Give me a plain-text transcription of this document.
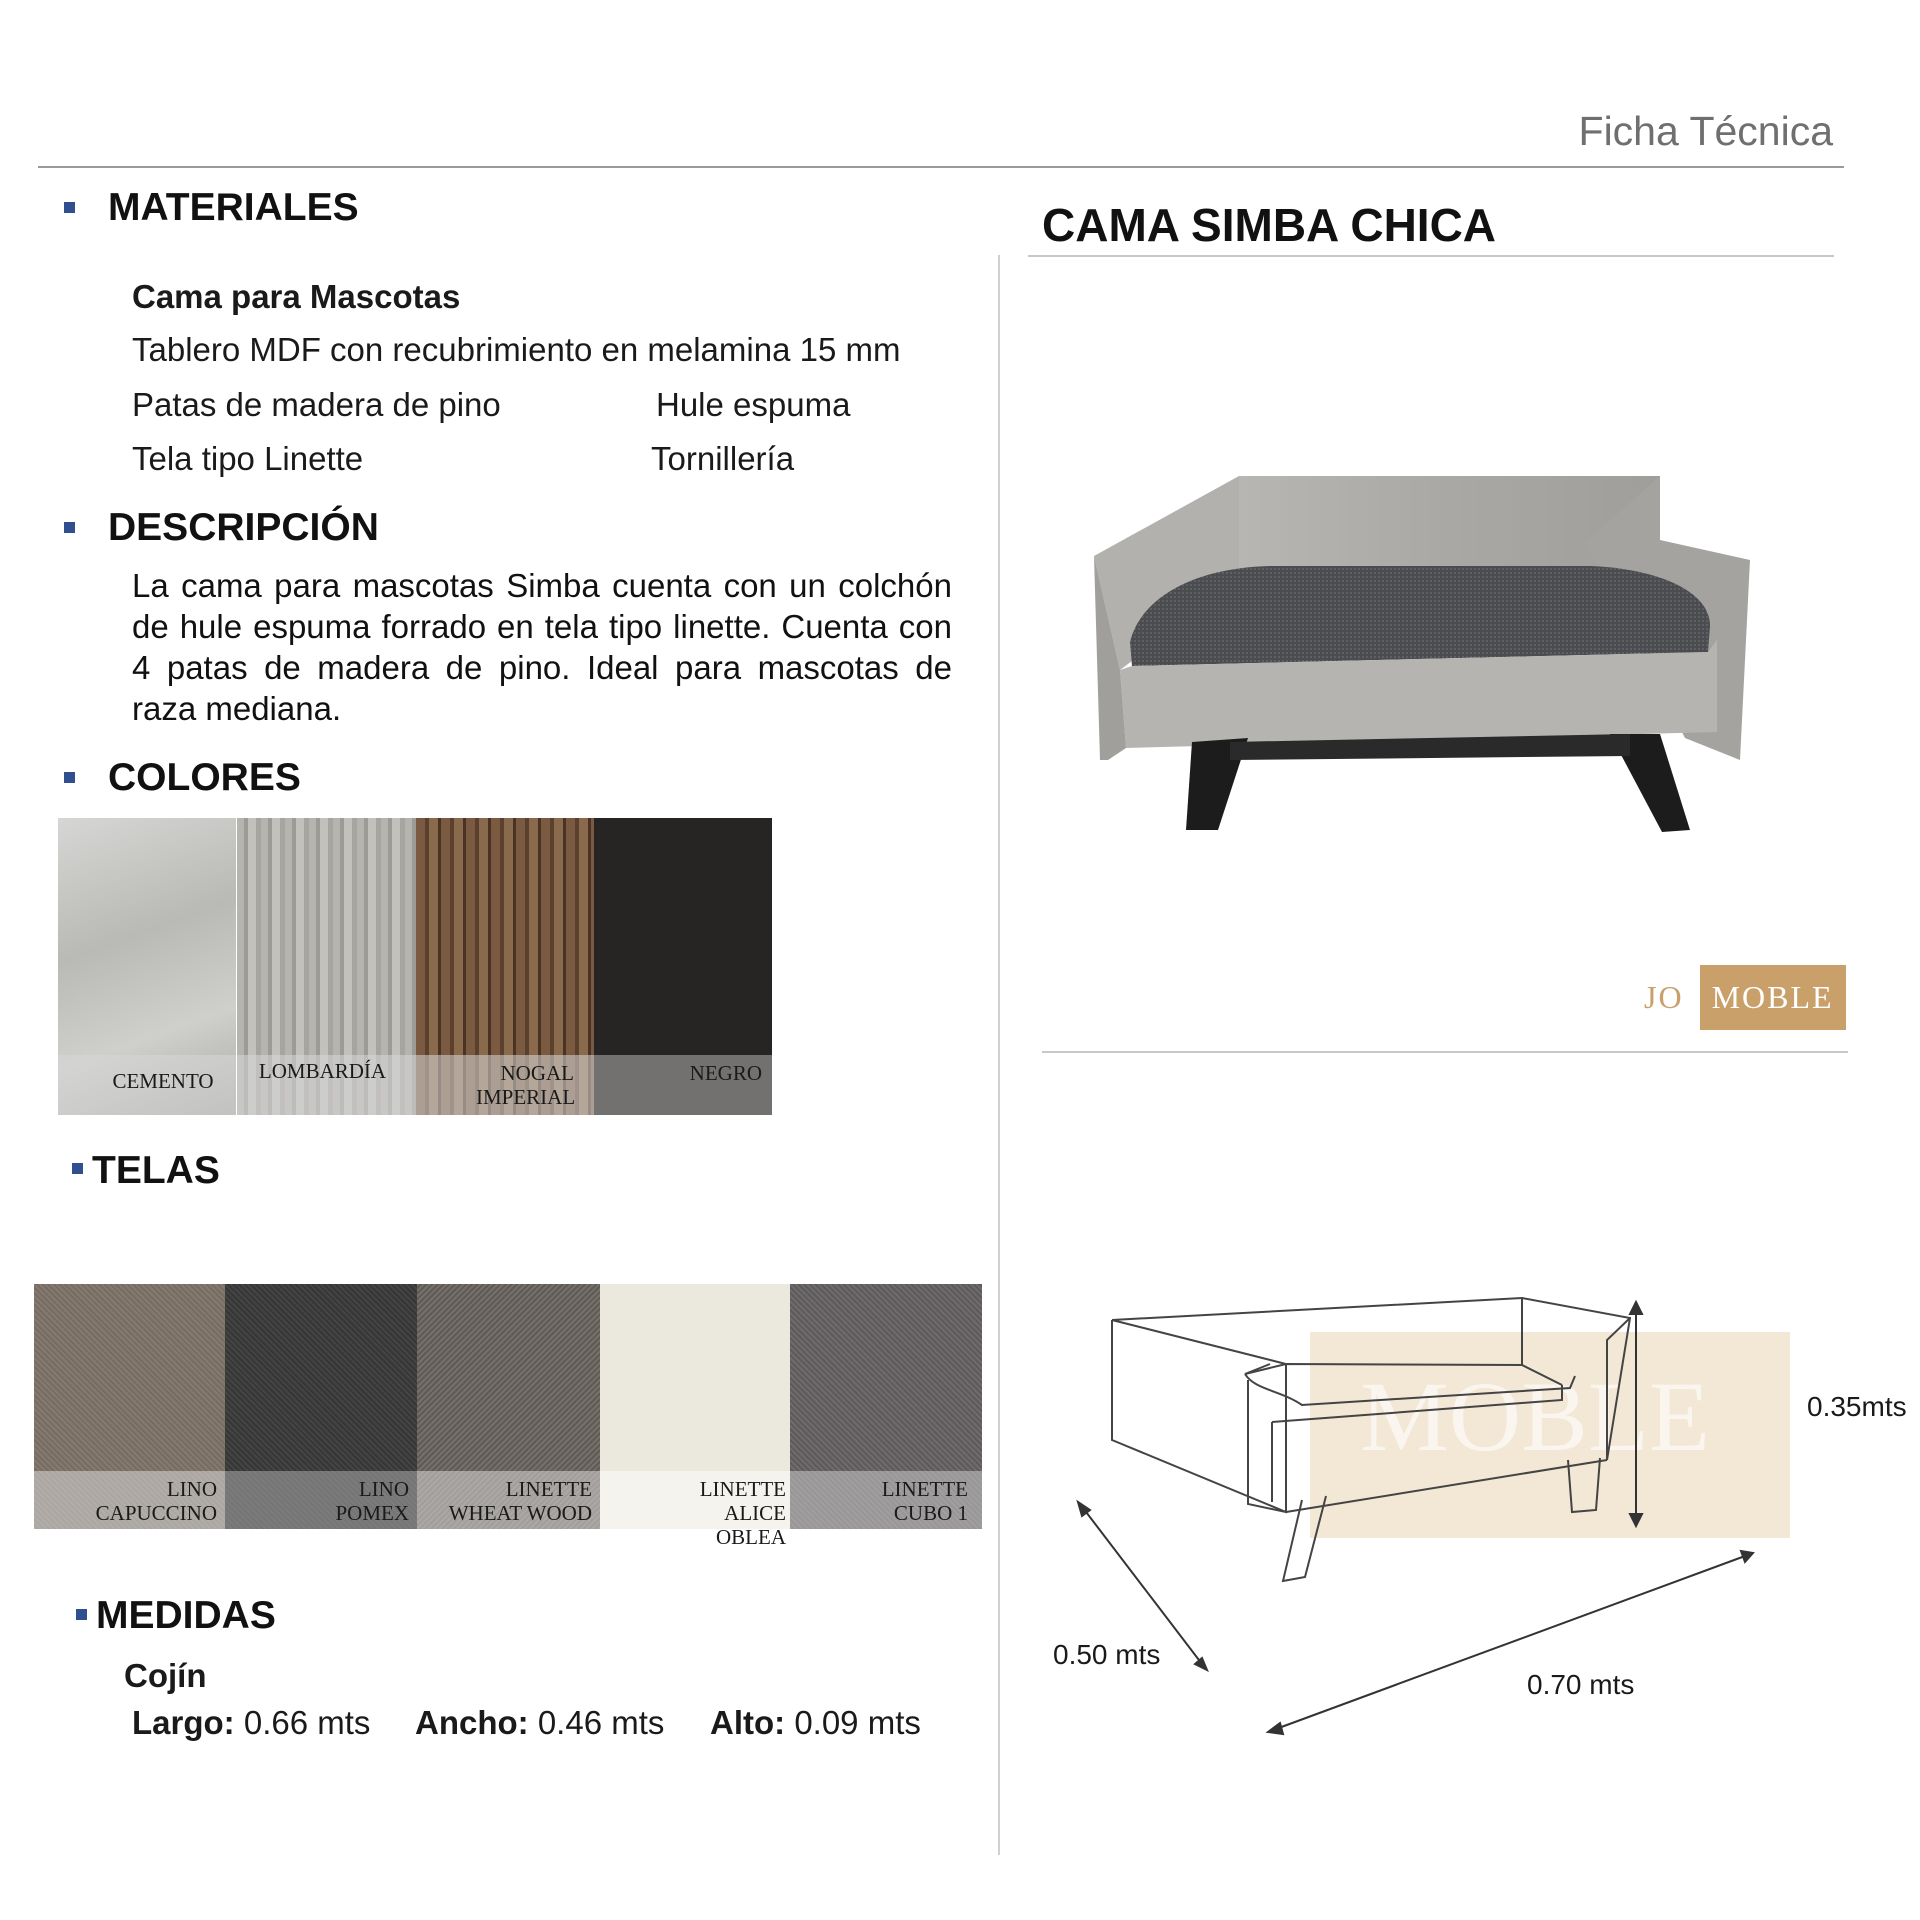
Ficha Técnica
MATERIALES
Cama para Mascotas
Tablero MDF con recubrimiento en melamina 15 mm
Patas de madera de pino	Hule espuma
Tela tipo Linette	Tornillería
DESCRIPCIÓN
La cama para mascotas Simba cuenta con un colchón de hule espuma forrado en tela tipo linette. Cuenta con 4 patas de madera de pino. Ideal para mascotas de raza mediana.
COLORES
CEMENTO	LOMBARDÍA	NOGAL IMPERIAL
NEGRO
TELAS
LINO CAPUCCINO
LINO POMEX
LINETTE WHEAT WOOD
LINETTE ALICE OBLEA
LINETTE CUBO 1
MEDIDAS
Cojín
Largo: 0.66 mts Ancho: 0.46 mts Alto: 0.09 mts
CAMA SIMBA CHICA
JO MOBLE
JO MOBLE	0.35mts
0.50 mts
0.70 mts
